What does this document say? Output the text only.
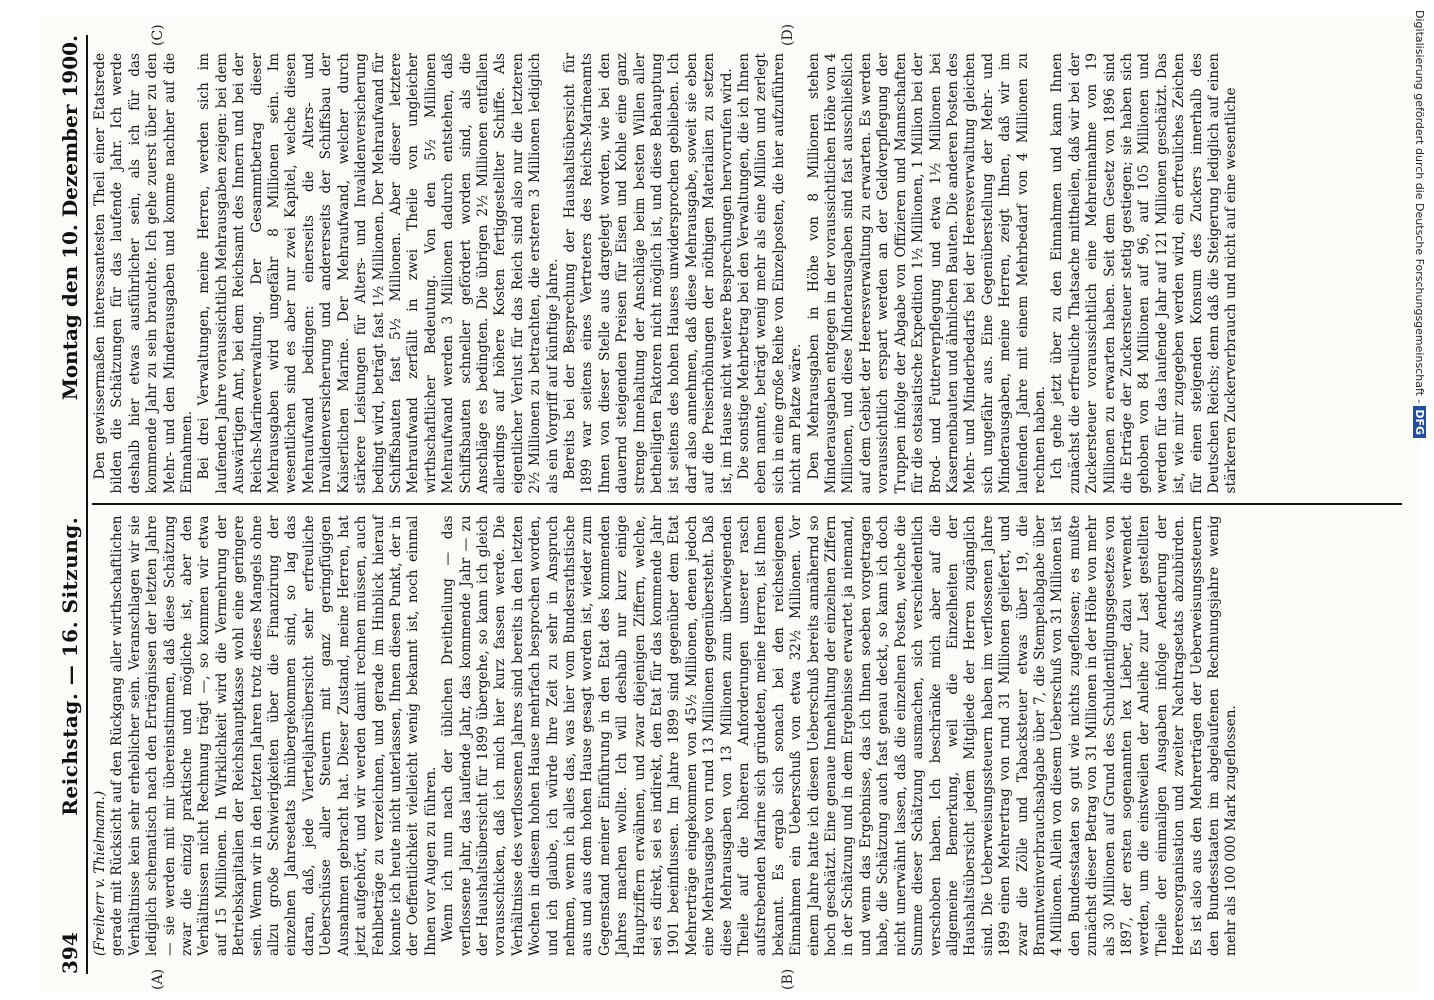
394
Reichstag. — 16. Sitzung.
Montag den 10. Dezember 1900.
(A)	(B)
(C)	(D)

(Freiherr v. Thielmann.) gerade mit Rücksicht auf den Rückgang aller wirthschaftlichen Verhältnisse kein sehr erheblicher sein. Veranschlagen wir sie lediglich schematisch nach den Erträgnissen der letzten Jahre — sie werden mit mir übereinstimmen, daß diese Schätzung zwar die einzig praktische und mögliche ist, aber den Verhältnissen nicht Rechnung trägt —, so kommen wir etwa auf 15 Millionen. In Wirklichkeit wird die Vermehrung der Betriebskapitalien der Reichshauptkasse wohl eine geringere sein. Wenn wir in den letzten Jahren trotz dieses Mangels ohne allzu große Schwierigkeiten über die Finanzirung der einzelnen Jahresetats hinübergekommen sind, so lag das daran, daß, jede Vierteljahrsübersicht sehr erfreuliche Ueberschüsse aller Steuern mit ganz geringfügigen Ausnahmen gebracht hat. Dieser Zustand, meine Herren, hat jetzt aufgehört, und wir werden damit rechnen müssen, auch Fehlbeträge zu verzeichnen, und gerade im Hinblick hierauf konnte ich heute nicht unterlassen, Ihnen diesen Punkt, der in der Oeffentlichkeit vielleicht wenig bekannt ist, noch einmal Ihnen vor Augen zu führen. Wenn ich nun nach der üblichen Dreitheilung — das verflossene Jahr, das laufende Jahr, das kommende Jahr — zu der Haushaltsübersicht für 1899 übergehe, so kann ich gleich vorausschicken, daß ich mich hier kurz fassen werde. Die Verhältnisse des verflossenen Jahres sind bereits in den letzten Wochen in diesem hohen Hause mehrfach besprochen worden, und ich glaube, ich würde Ihre Zeit zu sehr in Anspruch nehmen, wenn ich alles das, was hier vom Bundesrathstische aus und aus dem hohen Hause gesagt worden ist, wieder zum Gegenstand meiner Einführung in den Etat des kommenden Jahres machen wollte. Ich will deshalb nur kurz einige Hauptziffern erwähnen, und zwar diejenigen Ziffern, welche, sei es direkt, sei es indirekt, den Etat für das kommende Jahr 1901 beeinflussen. Im Jahre 1899 sind gegenüber dem Etat Mehrerträge eingekommen von 45½ Millionen, denen jedoch eine Mehrausgabe von rund 13 Millionen gegenübersteht. Daß diese Mehrausgaben von 13 Millionen zum überwiegenden Theile auf die höheren Anforderungen unserer rasch aufstrebenden Marine sich gründeten, meine Herren, ist Ihnen bekannt. Es ergab sich sonach bei den reichseigenen Einnahmen ein Ueberschuß von etwa 32½ Millionen. Vor einem Jahre hatte ich diesen Ueberschuß bereits annähernd so hoch geschätzt. Eine genaue Innehaltung der einzelnen Ziffern in der Schätzung und in dem Ergebnisse erwartet ja niemand, und wenn das Ergebnisse, das ich Ihnen soeben vorgetragen habe, die Schätzung auch fast genau deckt, so kann ich doch nicht unerwähnt lassen, daß die einzelnen Posten, welche die Summe dieser Schätzung ausmachen, sich verschiedentlich verschoben haben. Ich beschränke mich aber auf die allgemeine Bemerkung, weil die Einzelheiten der Haushaltsübersicht jedem Mitgliede der Herren zugänglich sind. Die Ueberweisungssteuern haben im verflossenen Jahre 1899 einen Mehrertrag von rund 31 Millionen geliefert, und zwar die Zölle und Tabacksteuer etwas über 19, die Branntweinverbrauchsabgabe über 7, die Stempelabgabe über 4 Millionen. Allein von diesem Ueberschuß von 31 Millionen ist den Bundesstaaten so gut wie nichts zugeflossen; es mußte zunächst dieser Betrag von 31 Millionen in der Höhe von mehr als 30 Millionen auf Grund des Schuldentilgungsgesetzes von 1897, der ersten sogenannten lex Lieber, dazu verwendet werden, um die einstweilen der Anleihe zur Last gestellten Theile der einmaligen Ausgaben infolge Aenderung der Heeresorganisation und zweiter Nachtragsetats abzubürden. Es ist also aus den Mehrerträgen der Ueberweisungssteuern den Bundesstaaten im abgelaufenen Rechnungsjahre wenig mehr als 100 000 Mark zugeflossen.

Den gewissermaßen interessantesten Theil einer Etatsrede bilden die Schätzungen für das laufende Jahr. Ich werde deshalb hier etwas ausführlicher sein, als ich für das kommende Jahr zu sein brauchte. Ich gehe zuerst über zu den Mehr- und den Minderausgaben und komme nachher auf die Einnahmen. Bei drei Verwaltungen, meine Herren, werden sich im laufenden Jahre voraussichtlich Mehrausgaben zeigen: bei dem Auswärtigen Amt, bei dem Reichsamt des Innern und bei der Reichs-Marineverwaltung. Der Gesammtbetrag dieser Mehrausgaben wird ungefähr 8 Millionen sein. Im wesentlichen sind es aber nur zwei Kapitel, welche diesen Mehraufwand bedingen: einerseits die Alters- und Invalidenversicherung und andererseits der Schiffsbau der Kaiserlichen Marine. Der Mehraufwand, welcher durch stärkere Leistungen für Alters- und Invalidenversicherung bedingt wird, beträgt fast 1½ Millionen. Der Mehraufwand für Schiffsbauten fast 5½ Millionen. Aber dieser letztere Mehraufwand zerfällt in zwei Theile von ungleicher wirthschaftlicher Bedeutung. Von den 5½ Millionen Mehraufwand werden 3 Millionen dadurch entstehen, daß Schiffsbauten schneller gefördert worden sind, als die Anschläge es bedingten. Die übrigen 2½ Millionen entfallen allerdings auf höhere Kosten fertiggestellter Schiffe. Als eigentlicher Verlust für das Reich sind also nur die letzteren 2½ Millionen zu betrachten, die ersteren 3 Millionen lediglich als ein Vorgriff auf künftige Jahre. Bereits bei der Besprechung der Haushaltsübersicht für 1899 war seitens eines Vertreters des Reichs-Marineamts Ihnen von dieser Stelle aus dargelegt worden, wie bei den dauernd steigenden Preisen für Eisen und Kohle eine ganz strenge Innehaltung der Anschläge beim besten Willen aller betheiligten Faktoren nicht möglich ist, und diese Behauptung ist seitens des hohen Hauses unwidersprochen geblieben. Ich darf also annehmen, daß diese Mehrausgabe, soweit sie eben auf die Preiserhöhungen der nöthigen Materialien zu setzen ist, im Hause nicht weitere Besprechungen hervorrufen wird. Die sonstige Mehrbetrag bei den Verwaltungen, die ich Ihnen eben nannte, beträgt wenig mehr als eine Million und zerlegt sich in eine große Reihe von Einzelposten, die hier aufzuführen nicht am Platze wäre. Den Mehrausgaben in Höhe von 8 Millionen stehen Minderausgaben entgegen in der voraussichtlichen Höhe von 4 Millionen, und diese Minderausgaben sind fast ausschließlich auf dem Gebiet der Heeresverwaltung zu erwarten. Es werden voraussichtlich erspart werden an der Geldverpflegung der Truppen infolge der Abgabe von Offizieren und Mannschaften für die ostasiatische Expedition 1½ Millionen, 1 Million bei der Brod- und Futterverpflegung und etwa 1½ Millionen bei Kasernenbauten und ähnlichen Bauten. Die anderen Posten des Mehr- und Minderbedarfs bei der Heeresverwaltung gleichen sich ungefähr aus. Eine Gegenüberstellung der Mehr- und Minderausgaben, meine Herren, zeigt Ihnen, daß wir im laufenden Jahre mit einem Mehrbedarf von 4 Millionen zu rechnen haben. Ich gehe jetzt über zu den Einnahmen und kann Ihnen zunächst die erfreuliche Thatsache mittheilen, daß wir bei der Zuckersteuer voraussichtlich eine Mehreinnahme von 19 Millionen zu erwarten haben. Seit dem Gesetz von 1896 sind die Erträge der Zuckersteuer stetig gestiegen; sie haben sich gehoben von 84 Millionen auf 96, auf 105 Millionen und werden für das laufende Jahr auf 121 Millionen geschätzt. Das ist, wie mir zugegeben werden wird, ein erfreuliches Zeichen für einen steigenden Konsum des Zuckers innerhalb des Deutschen Reichs; denn daß die Steigerung lediglich auf einen stärkeren Zuckerverbrauch und nicht auf eine wesentliche	Digitalisierung gefördert durch die Deutsche Forschungsgemeinschaft -DFG
